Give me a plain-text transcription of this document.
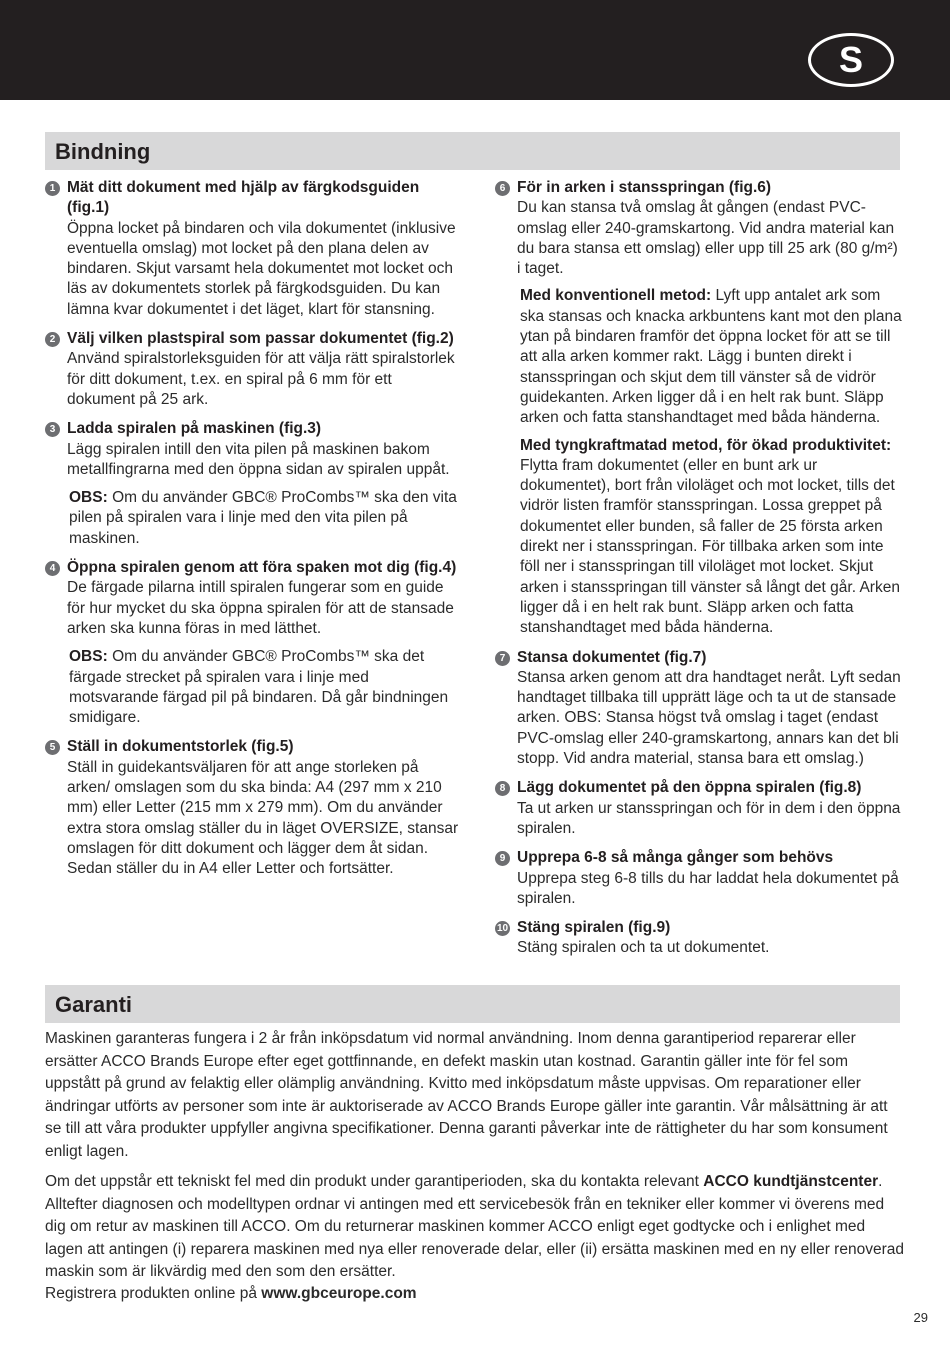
S
Bindning
1 Mät ditt dokument med hjälp av färgkodsguiden (fig.1)
Öppna locket på bindaren och vila dokumentet (inklusive eventuella omslag) mot locket på den plana delen av bindaren. Skjut varsamt hela dokumentet mot locket och läs av dokumentets storlek på färgkodsguiden. Du kan lämna kvar dokumentet i det läget, klart för stansning.
2 Välj vilken plastspiral som passar dokumentet (fig.2)
Använd spiralstorleksguiden för att välja rätt spiralstorlek för ditt dokument, t.ex. en spiral på 6 mm för ett dokument på 25 ark.
3 Ladda spiralen på maskinen (fig.3)
Lägg spiralen intill den vita pilen på maskinen bakom metallfingrarna med den öppna sidan av spiralen uppåt.
OBS: Om du använder GBC® ProCombs™ ska den vita pilen på spiralen vara i linje med den vita pilen på maskinen.
4 Öppna spiralen genom att föra spaken mot dig (fig.4)
De färgade pilarna intill spiralen fungerar som en guide för hur mycket du ska öppna spiralen för att de stansade arken ska kunna föras in med lätthet.
OBS: Om du använder GBC® ProCombs™ ska det färgade strecket på spiralen vara i linje med motsvarande färgad pil på bindaren. Då går bindningen smidigare.
5 Ställ in dokumentstorlek (fig.5)
Ställ in guidekantsväljaren för att ange storleken på arken/ omslagen som du ska binda: A4 (297 mm x 210 mm) eller Letter (215 mm x 279 mm). Om du använder extra stora omslag ställer du in läget OVERSIZE, stansar omslagen för ditt dokument och lägger dem åt sidan. Sedan ställer du in A4 eller Letter och fortsätter.
6 För in arken i stansspringan (fig.6)
Du kan stansa två omslag åt gången (endast PVC-omslag eller 240-gramskartong. Vid andra material kan du bara stansa ett omslag) eller upp till 25 ark (80 g/m²) i taget.
Med konventionell metod: Lyft upp antalet ark som ska stansas och knacka arkbuntens kant mot den plana ytan på bindaren framför det öppna locket för att se till att alla arken kommer rakt. Lägg i bunten direkt i stansspringan och skjut dem till vänster så de vidrör guidekanten. Arken ligger då i en helt rak bunt. Släpp arken och fatta stanshandtaget med båda händerna.
Med tyngkraftmatad metod, för ökad produktivitet: Flytta fram dokumentet (eller en bunt ark ur dokumentet), bort från viloläget och mot locket, tills det vidrör listen framför stansspringan. Lossa greppet på dokumentet eller bunden, så faller de 25 första arken direkt ner i stansspringan. För tillbaka arken som inte föll ner i stansspringan till viloläget mot locket. Skjut arken i stansspringan till vänster så långt det går. Arken ligger då i en helt rak bunt. Släpp arken och fatta stanshandtaget med båda händerna.
7 Stansa dokumentet (fig.7)
Stansa arken genom att dra handtaget neråt. Lyft sedan handtaget tillbaka till upprätt läge och ta ut de stansade arken. OBS: Stansa högst två omslag i taget (endast PVC-omslag eller 240-gramskartong, annars kan det bli stopp. Vid andra material, stansa bara ett omslag.)
8 Lägg dokumentet på den öppna spiralen (fig.8)
Ta ut arken ur stansspringan och för in dem i den öppna spiralen.
9 Upprepa 6-8 så många gånger som behövs
Upprepa steg 6-8 tills du har laddat hela dokumentet på spiralen.
10 Stäng spiralen (fig.9)
Stäng spiralen och ta ut dokumentet.
Garanti

Maskinen garanteras fungera i 2 år från inköpsdatum vid normal användning. Inom denna garantiperiod reparerar eller ersätter ACCO Brands Europe efter eget gottfinnande, en defekt maskin utan kostnad. Garantin gäller inte för fel som uppstått på grund av felaktig eller olämplig användning. Kvitto med inköpsdatum måste uppvisas. Om reparationer eller ändringar utförts av personer som inte är auktoriserade av ACCO Brands Europe gäller inte garantin. Vår målsättning är att se till att våra produkter uppfyller angivna specifikationer. Denna garanti påverkar inte de rättigheter du har som konsument enligt lagen.

Om det uppstår ett tekniskt fel med din produkt under garantiperioden, ska du kontakta relevant ACCO kundtjänstcenter. Alltefter diagnosen och modelltypen ordnar vi antingen med ett servicebesök från en tekniker eller kommer vi överens med dig om retur av maskinen till ACCO. Om du returnerar maskinen kommer ACCO enligt eget godtycke och i enlighet med lagen att antingen (i) reparera maskinen med nya eller renoverade delar, eller (ii) ersätta maskinen med en ny eller renoverad maskin som är likvärdig med den som den ersätter.

Registrera produkten online på www.gbceurope.com
29
